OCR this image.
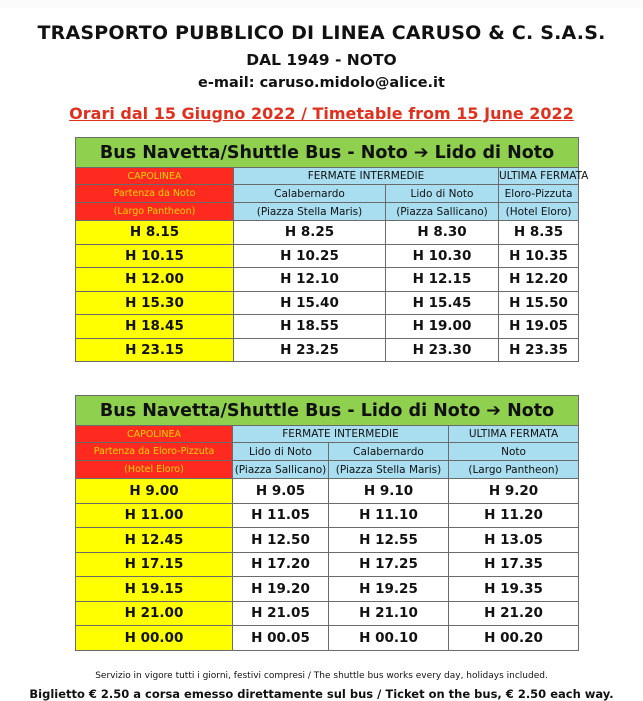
TRASPORTO PUBBLICO DI LINEA CARUSO & C. S.A.S.
DAL 1949 - NOTO
e-mail: caruso.midolo@alice.it
Orari dal 15 Giugno 2022 / Timetable from 15 June 2022
Bus Navetta/Shuttle Bus - Noto ➔ Lido di Noto			
CAPOLINEA	FERMATE INTERMEDIE		ULTIMA FERMATA
Partenza da Noto	Calabernardo	Lido di Noto	Eloro-Pizzuta
(Largo Pantheon)	(Piazza Stella Maris)	(Piazza Sallicano)	(Hotel Eloro)
H 8.15	H 8.25	H 8.30	H 8.35
H 10.15	H 10.25	H 10.30	H 10.35
H 12.00	H 12.10	H 12.15	H 12.20
H 15.30	H 15.40	H 15.45	H 15.50
H 18.45	H 18.55	H 19.00	H 19.05
H 23.15	H 23.25	H 23.30	H 23.35
Bus Navetta/Shuttle Bus - Lido di Noto ➔ Noto			
CAPOLINEA	FERMATE INTERMEDIE		ULTIMA FERMATA
Partenza da Eloro-Pizzuta	Lido di Noto	Calabernardo	Noto
(Hotel Eloro)	(Piazza Sallicano)	(Piazza Stella Maris)	(Largo Pantheon)
H 9.00	H 9.05	H 9.10	H 9.20
H 11.00	H 11.05	H 11.10	H 11.20
H 12.45	H 12.50	H 12.55	H 13.05
H 17.15	H 17.20	H 17.25	H 17.35
H 19.15	H 19.20	H 19.25	H 19.35
H 21.00	H 21.05	H 21.10	H 21.20
H 00.00	H 00.05	H 00.10	H 00.20
Servizio in vigore tutti i giorni, festivi compresi / The shuttle bus works every day, holidays included.
Biglietto € 2.50 a corsa emesso direttamente sul bus / Ticket on the bus, € 2.50 each way.
